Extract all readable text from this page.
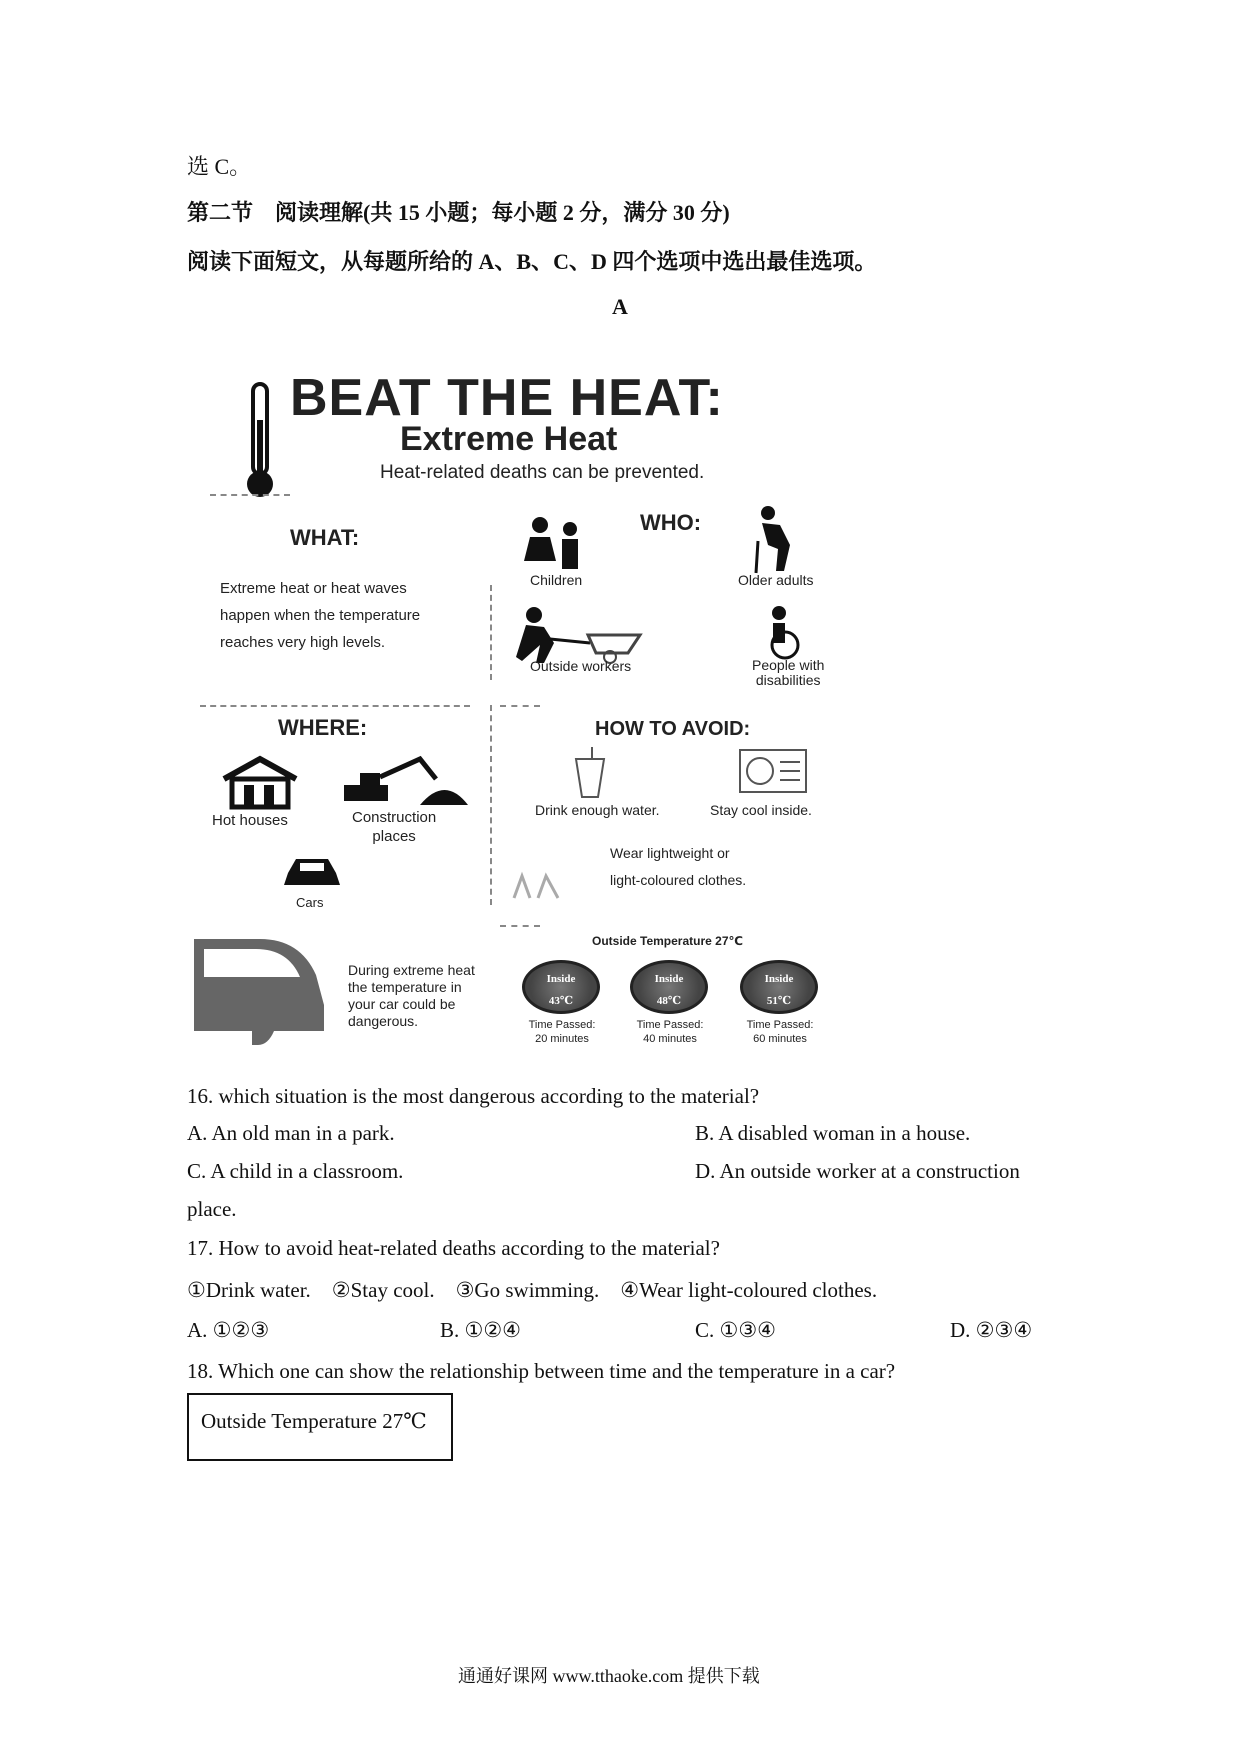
选 C。
第二节　阅读理解(共 15 小题；每小题 2 分，满分 30 分)
阅读下面短文，从每题所给的 A、B、C、D 四个选项中选出最佳选项。
A
BEAT THE HEAT:
Extreme Heat
Heat-related deaths can be prevented.
WHAT:
Extreme heat or heat waves
happen when the temperature
reaches very high levels.
WHO:
Children	Older adults
Outside workers	People with
disabilities
WHERE:
Hot houses	Construction
places
Cars
HOW TO AVOID:
Drink enough water.	Stay cool inside.
Wear lightweight or
light-coloured clothes.
During extreme heat
the temperature in
your car could be
dangerous.
Outside Temperature 27℃
Inside
43℃
Inside
48℃
Inside
51℃
Time Passed:
20 minutes
Time Passed:
40 minutes
Time Passed:
60 minutes
16. which situation is the most dangerous according to the material?
A. An old man in a park.	B. A disabled woman in a house.
C. A child in a classroom.	D. An outside worker at a construction
place.
17. How to avoid heat-related deaths according to the material?
①Drink water.　②Stay cool.　③Go swimming.　④Wear light-coloured clothes.
A. ①②③	B. ①②④	C. ①③④	D. ②③④
18. Which one can show the relationship between time and the temperature in a car?
Outside Temperature 27℃
通通好课网 www.tthaoke.com 提供下载
